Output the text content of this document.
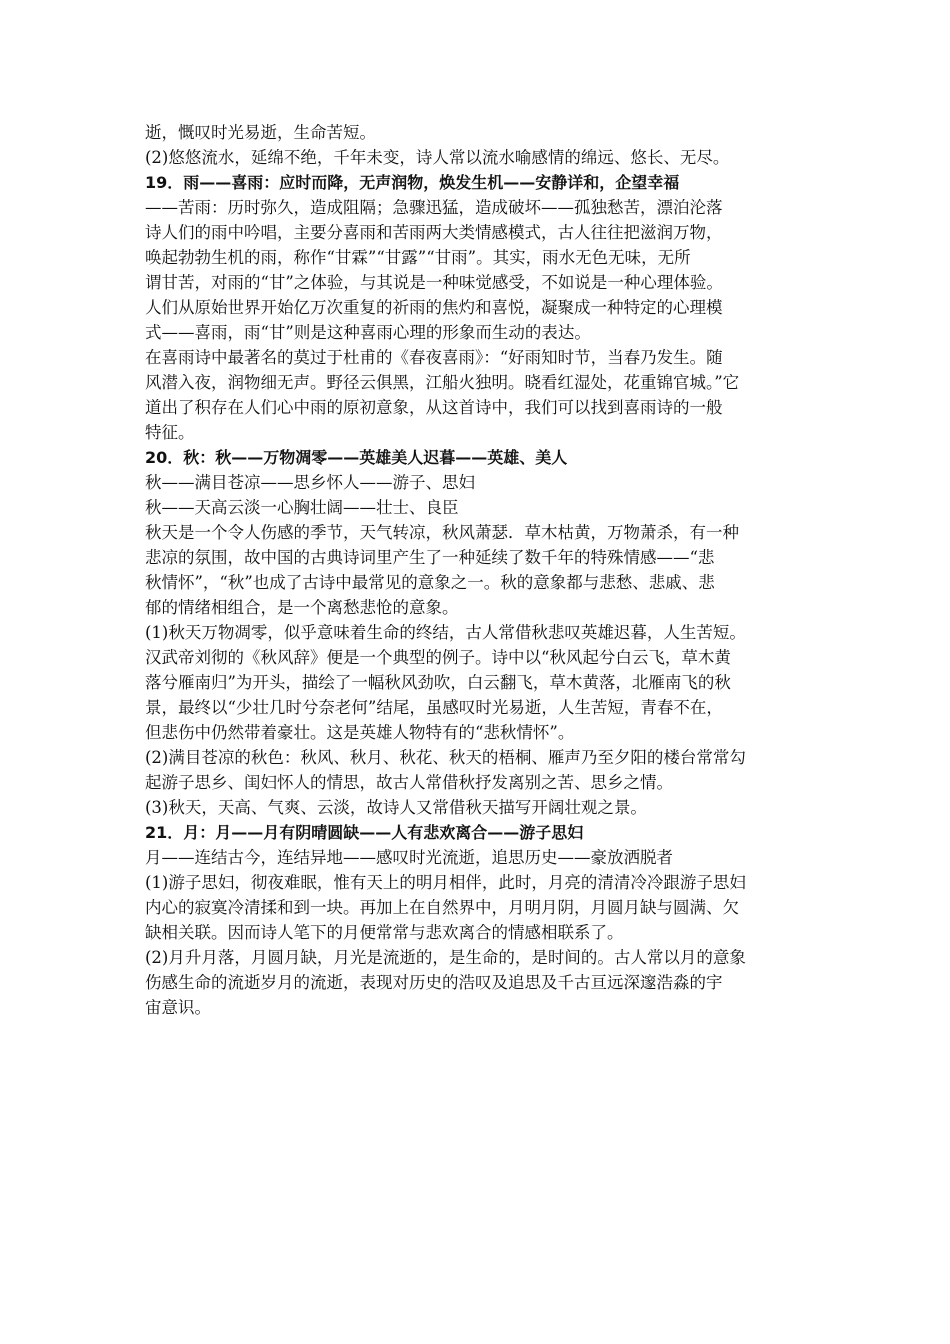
逝，慨叹时光易逝，生命苦短。
(2)悠悠流水，延绵不绝，千年未变，诗人常以流水喻感情的绵远、悠长、无尽。
19．雨——喜雨：应时而降，无声润物，焕发生机——安静详和，企望幸福
——苦雨：历时弥久，造成阻隔；急骤迅猛，造成破坏——孤独愁苦，漂泊沦落
诗人们的雨中吟唱，主要分喜雨和苦雨两大类情感模式，古人往往把滋润万物，
唤起勃勃生机的雨，称作“甘霖”“甘露”“甘雨”。其实，雨水无色无味，无所
谓甘苦，对雨的“甘”之体验，与其说是一种味觉感受，不如说是一种心理体验。
人们从原始世界开始亿万次重复的祈雨的焦灼和喜悦，凝聚成一种特定的心理模
式——喜雨，雨“甘”则是这种喜雨心理的形象而生动的表达。
在喜雨诗中最著名的莫过于杜甫的《春夜喜雨》：“好雨知时节，当春乃发生。随
风潜入夜，润物细无声。野径云俱黑，江船火独明。晓看红湿处，花重锦官城。”它
道出了积存在人们心中雨的原初意象，从这首诗中，我们可以找到喜雨诗的一般
特征。
20．秋：秋——万物凋零——英雄美人迟暮——英雄、美人
秋——满目苍凉——思乡怀人——游子、思妇
秋——天高云淡一心胸壮阔——壮士、良臣
秋天是一个令人伤感的季节，天气转凉，秋风萧瑟．草木枯黄，万物萧杀，有一种
悲凉的氛围，故中国的古典诗词里产生了一种延续了数千年的特殊情感——“悲
秋情怀”，“秋”也成了古诗中最常见的意象之一。秋的意象都与悲愁、悲戚、悲
郁的情绪相组合，是一个离愁悲怆的意象。
(1)秋天万物凋零，似乎意味着生命的终结，古人常借秋悲叹英雄迟暮，人生苦短。
汉武帝刘彻的《秋风辞》便是一个典型的例子。诗中以“秋风起兮白云飞，草木黄
落兮雁南归”为开头，描绘了一幅秋风劲吹，白云翻飞，草木黄落，北雁南飞的秋
景，最终以“少壮几时兮奈老何”结尾，虽感叹时光易逝，人生苦短，青春不在，
但悲伤中仍然带着豪壮。这是英雄人物特有的“悲秋情怀”。
(2)满目苍凉的秋色：秋风、秋月、秋花、秋天的梧桐、雁声乃至夕阳的楼台常常勾
起游子思乡、闺妇怀人的情思，故古人常借秋抒发离别之苦、思乡之情。
(3)秋天，天高、气爽、云淡，故诗人又常借秋天描写开阔壮观之景。
21．月：月——月有阴晴圆缺——人有悲欢离合——游子思妇
月——连结古今，连结异地——感叹时光流逝，追思历史——豪放洒脱者
(1)游子思妇，彻夜难眠，惟有天上的明月相伴，此时，月亮的清清冷冷跟游子思妇
内心的寂寞冷清揉和到一块。再加上在自然界中，月明月阴，月圆月缺与圆满、欠
缺相关联。因而诗人笔下的月便常常与悲欢离合的情感相联系了。
(2)月升月落，月圆月缺，月光是流逝的，是生命的，是时间的。古人常以月的意象
伤感生命的流逝岁月的流逝，表现对历史的浩叹及追思及千古亘远深邃浩淼的宇
宙意识。
